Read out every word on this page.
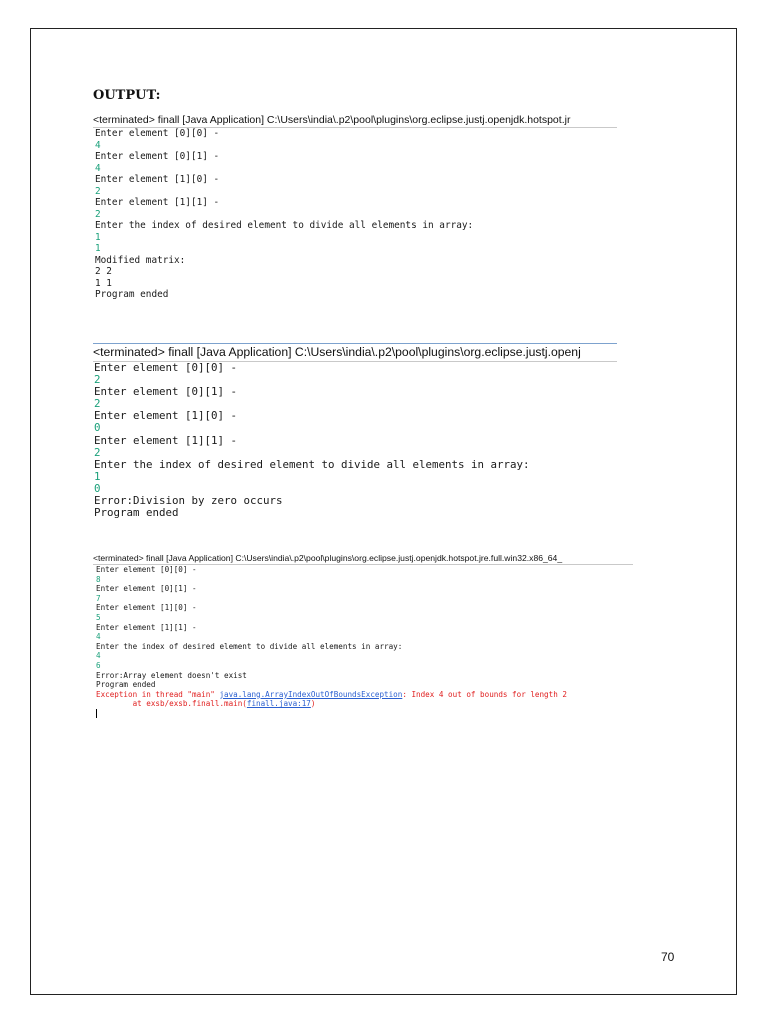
OUTPUT:
<terminated> finall [Java Application] C:\Users\india\.p2\pool\plugins\org.eclipse.justj.openjdk.hotspot.jr
Enter element [0][0] -
4
Enter element [0][1] -
4
Enter element [1][0] -
2
Enter element [1][1] -
2
Enter the index of desired element to divide all elements in array:
1
1
Modified matrix:
2 2
1 1
Program ended
<terminated> finall [Java Application] C:\Users\india\.p2\pool\plugins\org.eclipse.justj.openj
Enter element [0][0] -
2
Enter element [0][1] -
2
Enter element [1][0] -
0
Enter element [1][1] -
2
Enter the index of desired element to divide all elements in array:
1
0
Error:Division by zero occurs
Program ended
<terminated> finall [Java Application] C:\Users\india\.p2\pool\plugins\org.eclipse.justj.openjdk.hotspot.jre.full.win32.x86_64_
Enter element [0][0] -
8
Enter element [0][1] -
7
Enter element [1][0] -
5
Enter element [1][1] -
4
Enter the index of desired element to divide all elements in array:
4
6
Error:Array element doesn't exist
Program ended
Exception in thread "main" java.lang.ArrayIndexOutOfBoundsException: Index 4 out of bounds for length 2
at exsb/exsb.finall.main(finall.java:17)
70
